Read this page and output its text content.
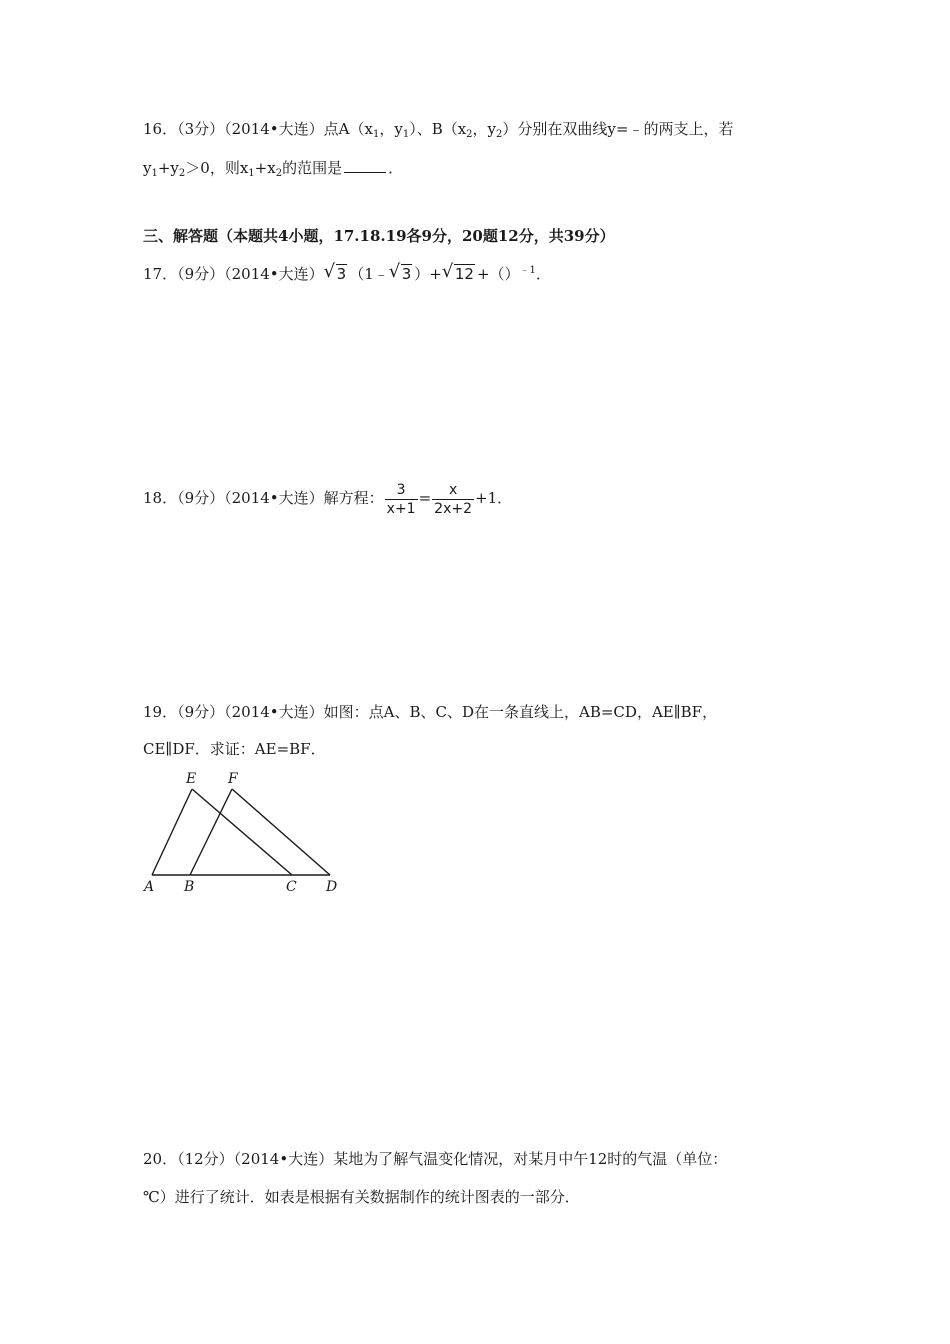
16．（3分）（2014•大连）点$A(x_1$，$y_1$）、$B(x_2$，$y_2$）分别在双曲线y=﹣的两支上，若
$y_1+y_2>0$，则$x_1+x_2$的范围是	．
三、解答题（本题共4小题，17.18.19各9分，20题12分，共39分）
17．（9分）（2014•大连） √ 3 （1﹣ √ 3 ）+ √ 12 +（）$^{﹣1}$．
18．（9分）（2014•大连）解方程： $\frac{3}{x+1} = \frac{x}{2x+2} +1$．
19．（9分）（2014•大连）如图：点A、B、C、D在一条直线上，AB=CD，AE∥BF，
CE∥DF．求证：AE=BF．
E F
A B	C D
20．（12分）（2014•大连）某地为了解气温变化情况，对某月中午12时的气温（单位：
℃）进行了统计．如表是根据有关数据制作的统计图表的一部分．
